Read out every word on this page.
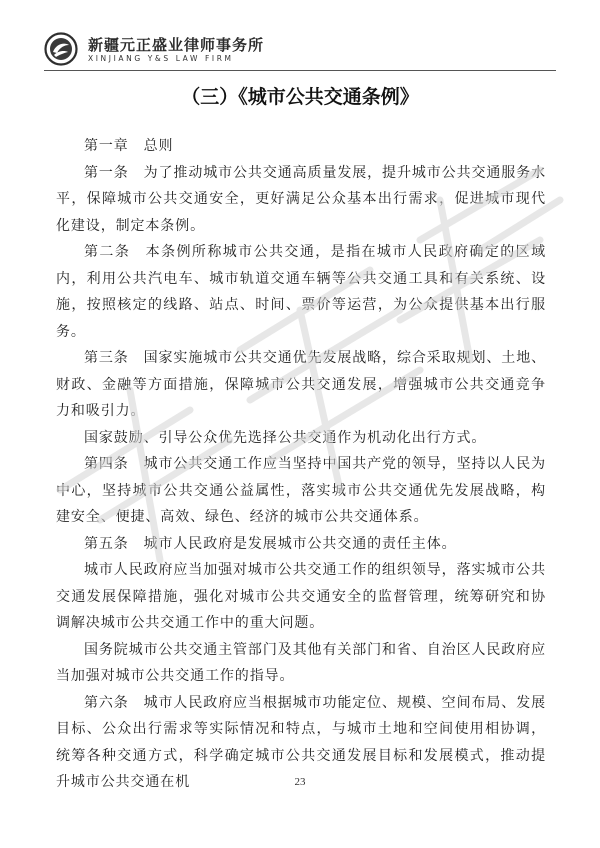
新疆元正盛业律师事务所
XINJIANG Y&S LAW FIRM
（三）《城市公共交通条例》

第一章　总则

第一条　为了推动城市公共交通高质量发展，提升城市公共交通服务水平，保障城市公共交通安全，更好满足公众基本出行需求，促进城市现代化建设，制定本条例。

第二条　本条例所称城市公共交通，是指在城市人民政府确定的区域内，利用公共汽电车、城市轨道交通车辆等公共交通工具和有关系统、设施，按照核定的线路、站点、时间、票价等运营，为公众提供基本出行服务。

第三条　国家实施城市公共交通优先发展战略，综合采取规划、土地、财政、金融等方面措施，保障城市公共交通发展，增强城市公共交通竞争力和吸引力。

国家鼓励、引导公众优先选择公共交通作为机动化出行方式。

第四条　城市公共交通工作应当坚持中国共产党的领导，坚持以人民为中心，坚持城市公共交通公益属性，落实城市公共交通优先发展战略，构建安全、便捷、高效、绿色、经济的城市公共交通体系。

第五条　城市人民政府是发展城市公共交通的责任主体。

城市人民政府应当加强对城市公共交通工作的组织领导，落实城市公共交通发展保障措施，强化对城市公共交通安全的监督管理，统筹研究和协调解决城市公共交通工作中的重大问题。

国务院城市公共交通主管部门及其他有关部门和省、自治区人民政府应当加强对城市公共交通工作的指导。

第六条　城市人民政府应当根据城市功能定位、规模、空间布局、发展目标、公众出行需求等实际情况和特点，与城市土地和空间使用相协调，统筹各种交通方式，科学确定城市公共交通发展目标和发展模式，推动提升城市公共交通在机	23
